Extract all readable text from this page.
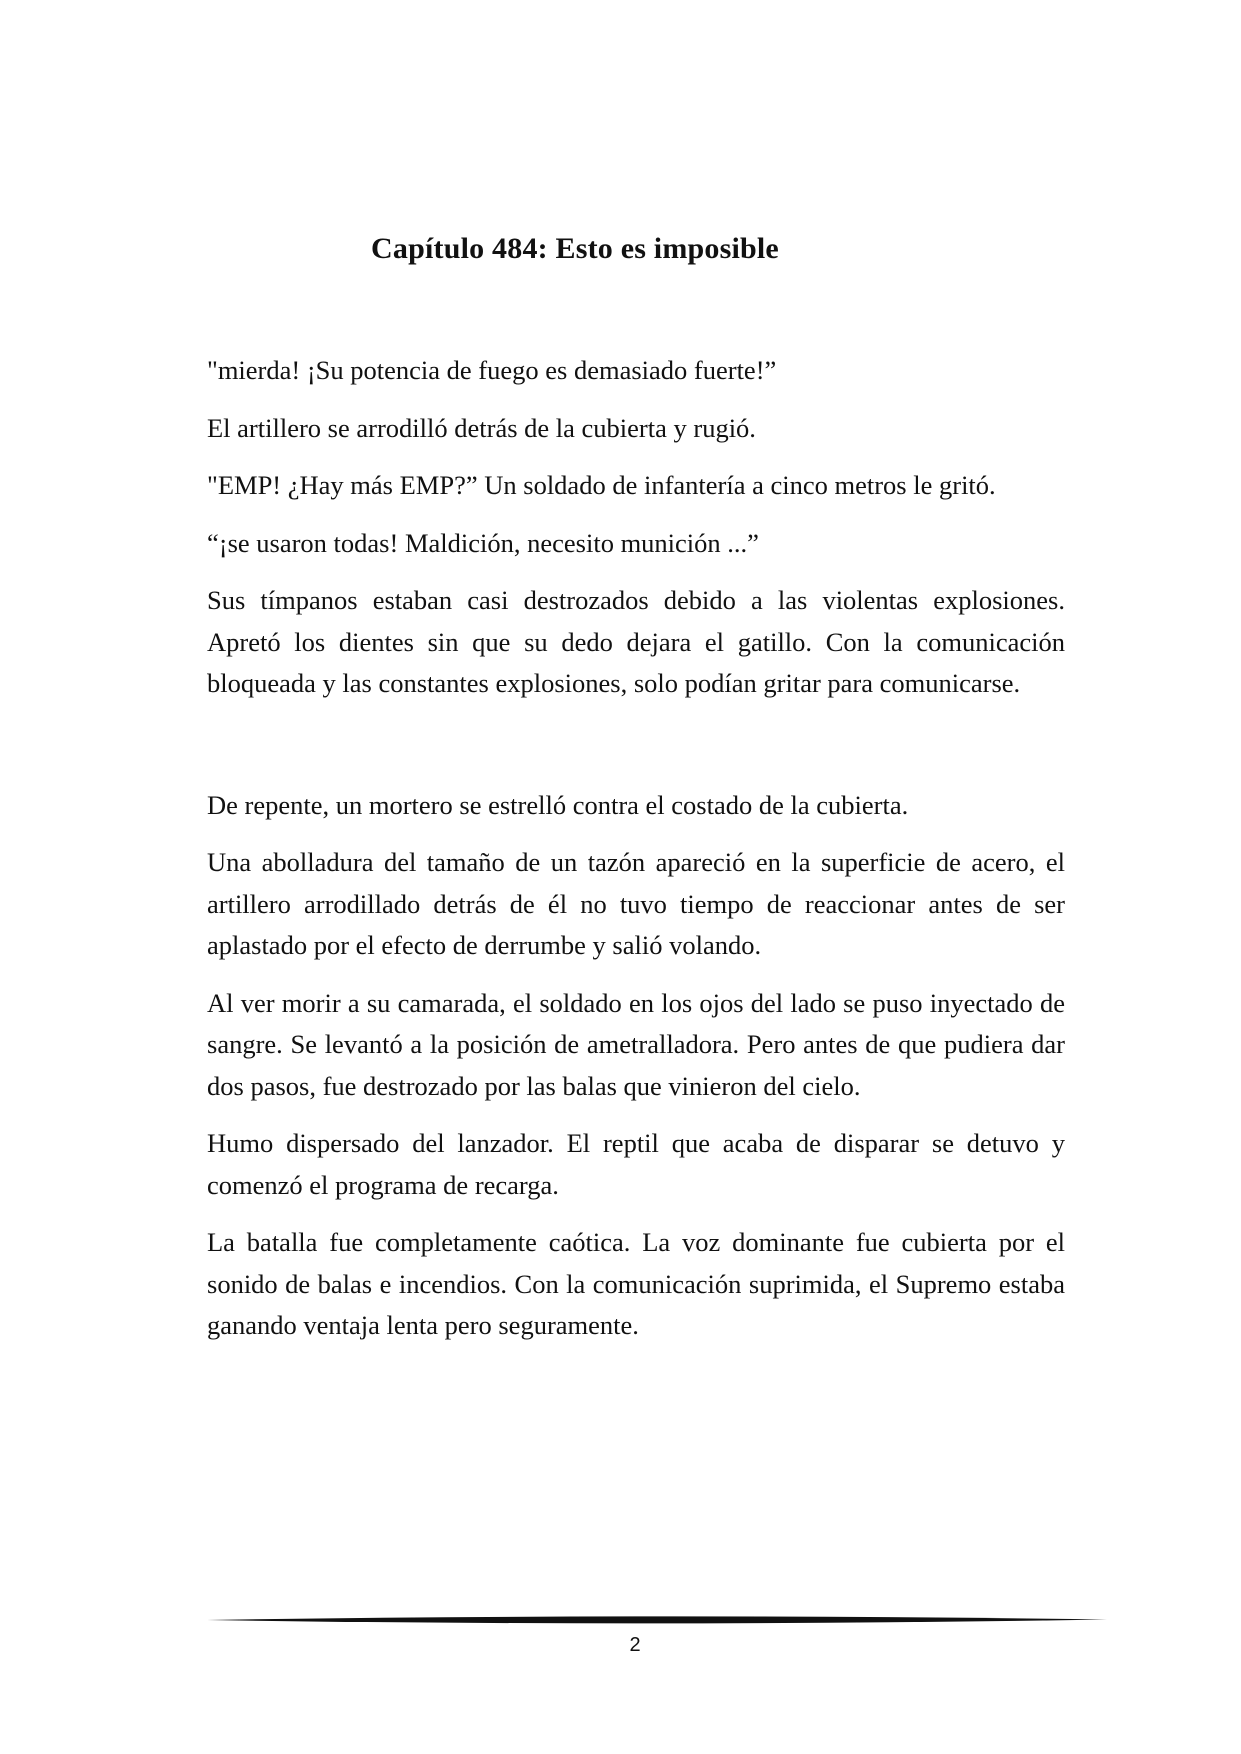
Capítulo 484: Esto es imposible

"mierda! ¡Su potencia de fuego es demasiado fuerte!”

El artillero se arrodilló detrás de la cubierta y rugió.

"EMP! ¿Hay más EMP?” Un soldado de infantería a cinco metros le gritó.

“¡se usaron todas! Maldición, necesito munición ...”

Sus tímpanos estaban casi destrozados debido a las violentas explosiones. Apretó los dientes sin que su dedo dejara el gatillo. Con la comunicación bloqueada y las constantes explosiones, solo podían gritar para comunicarse.

De repente, un mortero se estrelló contra el costado de la cubierta.

Una abolladura del tamaño de un tazón apareció en la superficie de acero, el artillero arrodillado detrás de él no tuvo tiempo de reaccionar antes de ser aplastado por el efecto de derrumbe y salió volando.

Al ver morir a su camarada, el soldado en los ojos del lado se puso inyectado de sangre. Se levantó a la posición de ametralladora. Pero antes de que pudiera dar dos pasos, fue destrozado por las balas que vinieron del cielo.

Humo dispersado del lanzador. El reptil que acaba de disparar se detuvo y comenzó el programa de recarga.

La batalla fue completamente caótica. La voz dominante fue cubierta por el sonido de balas e incendios. Con la comunicación suprimida, el Supremo estaba ganando ventaja lenta pero seguramente.

2
